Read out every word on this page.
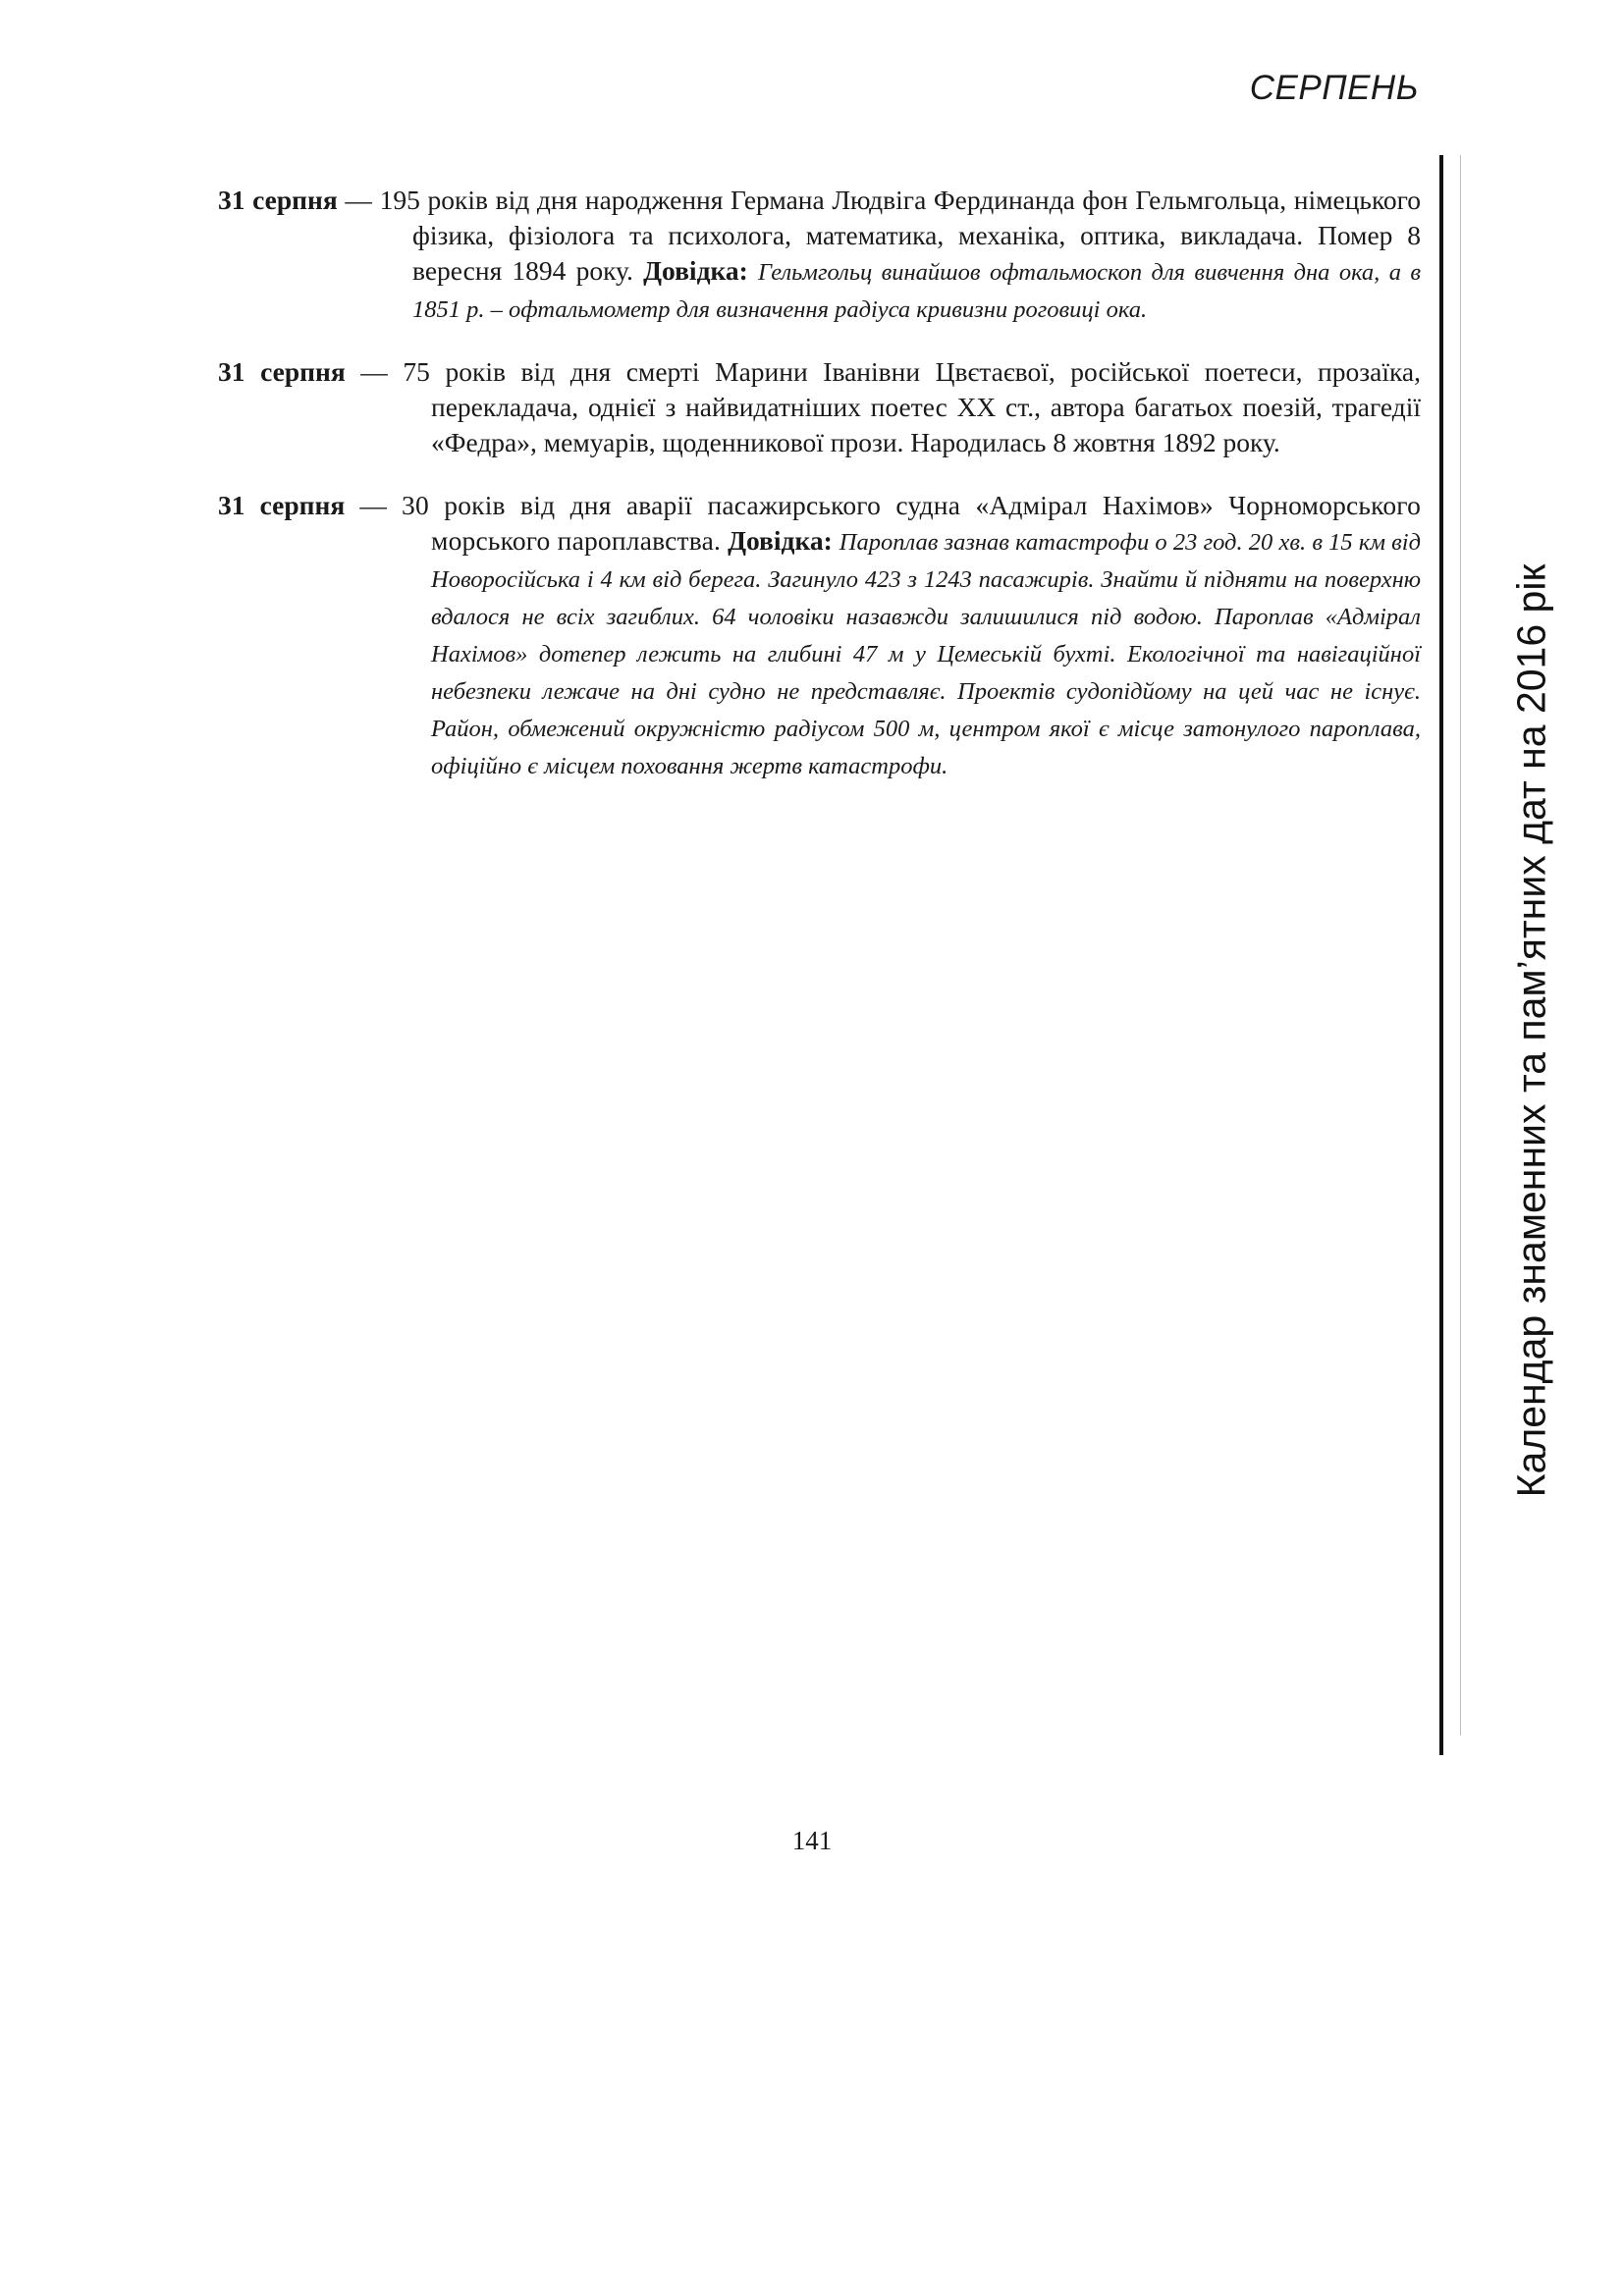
СЕРПЕНЬ

31 серпня — 195 років від дня народження Германа Людвіга Фердинанда фон Гельмгольца, німецького фізика, фізіолога та психолога, математика, механіка, оптика, викладача. Помер 8 вересня 1894 року. Довідка: Гельмгольц винайшов офтальмоскоп для вивчення дна ока, а в 1851 р. – офтальмометр для визначення радіуса кривизни роговиці ока.

31 серпня — 75 років від дня смерті Марини Іванівни Цвєтаєвої, російської поетеси, прозаїка, перекладача, однієї з найвидатніших поетес XX ст., автора багатьох поезій, трагедії «Федра», мемуарів, щоденникової прози. Народилась 8 жовтня 1892 року.

31 серпня — 30 років від дня аварії пасажирського судна «Адмірал Нахімов» Чорноморського морського пароплавства. Довідка: Пароплав зазнав катастрофи о 23 год. 20 хв. в 15 км від Новоросійська і 4 км від берега. Загинуло 423 з 1243 пасажирів. Знайти й підняти на поверхню вдалося не всіх загиблих. 64 чоловіки назавжди залишилися під водою. Пароплав «Адмірал Нахімов» дотепер лежить на глибині 47 м у Цемеській бухті. Екологічної та навігаційної небезпеки лежаче на дні судно не представляє. Проектів судопідйому на цей час не існує. Район, обмежений окружністю радіусом 500 м, центром якої є місце затонулого пароплава, офіційно є місцем поховання жертв катастрофи.	Календар знаменних та пам’ятних дат на 2016 рік
141
